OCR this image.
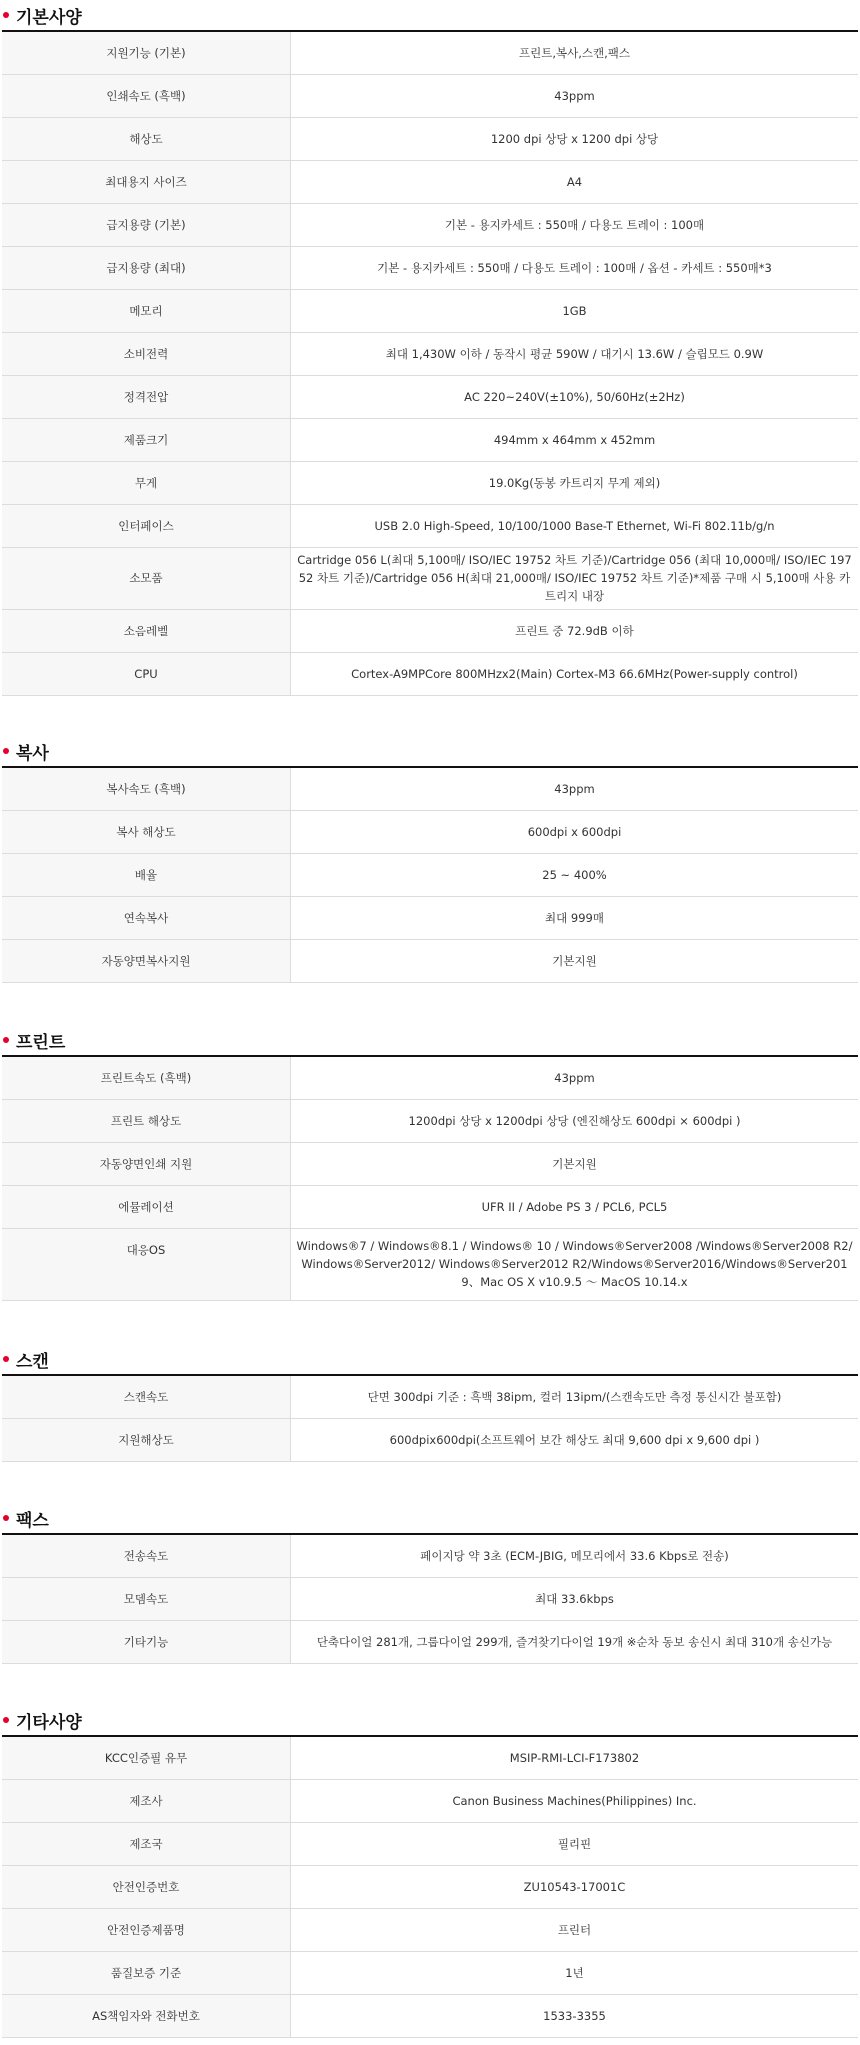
기본사양
지원기능 (기본)	프린트,복사,스캔,팩스
인쇄속도 (흑백)	43ppm
해상도	1200 dpi 상당 x 1200 dpi 상당
최대용지 사이즈	A4
급지용량 (기본)	기본 - 용지카세트 : 550매 / 다용도 트레이 : 100매
급지용량 (최대)	기본 - 용지카세트 : 550매 / 다용도 트레이 : 100매 / 옵션 - 카세트 : 550매*3
메모리	1GB
소비전력	최대 1,430W 이하 / 동작시 평균 590W / 대기시 13.6W / 슬립모드 0.9W
정격전압	AC 220~240V(±10%), 50/60Hz(±2Hz)
제품크기	494mm x 464mm x 452mm
무게	19.0Kg(동봉 카트리지 무게 제외)
인터페이스	USB 2.0 High-Speed, 10/100/1000 Base-T Ethernet, Wi-Fi 802.11b/g/n
소모품	Cartridge 056 L(최대 5,100매/ ISO/IEC 19752 차트 기준)/Cartridge 056 (최대 10,000매/ ISO/IEC 19752 차트 기준)/Cartridge 056 H(최대 21,000매/ ISO/IEC 19752 차트 기준)*제품 구매 시 5,100매 사용 카트리지 내장
소음레벨	프린트 중 72.9dB 이하
CPU	Cortex-A9MPCore 800MHzx2(Main) Cortex-M3 66.6MHz(Power-supply control)
복사
복사속도 (흑백)	43ppm
복사 해상도	600dpi x 600dpi
배율	25 ~ 400%
연속복사	최대 999매
자동양면복사지원	기본지원
프린트
프린트속도 (흑백)	43ppm
프린트 해상도	1200dpi 상당 x 1200dpi 상당 (엔진해상도 600dpi × 600dpi )
자동양면인쇄 지원	기본지원
에뮬레이션	UFR II / Adobe PS 3 / PCL6, PCL5
대응OS	Windows®7 / Windows®8.1 / Windows® 10 / Windows®Server2008 /Windows®Server2008 R2/ Windows®Server2012/ Windows®Server2012 R2/Windows®Server2016/Windows®Server2019、Mac OS X v10.9.5 ～ MacOS 10.14.x
스캔
스캔속도	단면 300dpi 기준 : 흑백 38ipm, 컬러 13ipm/(스캔속도만 측정 통신시간 불포함)
지원해상도	600dpix600dpi(소프트웨어 보간 해상도 최대 9,600 dpi x 9,600 dpi )
팩스
전송속도	페이지당 약 3초 (ECM-JBIG, 메모리에서 33.6 Kbps로 전송)
모뎀속도	최대 33.6kbps
기타기능	단축다이얼 281개, 그룹다이얼 299개, 즐겨찾기다이얼 19개 ※순차 동보 송신시 최대 310개 송신가능
기타사양
KCC인증필 유무	MSIP-RMI-LCI-F173802
제조사	Canon Business Machines(Philippines) Inc.
제조국	필리핀
안전인증번호	ZU10543-17001C
안전인증제품명	프린터
품질보증 기준	1년
AS책임자와 전화번호	1533-3355
